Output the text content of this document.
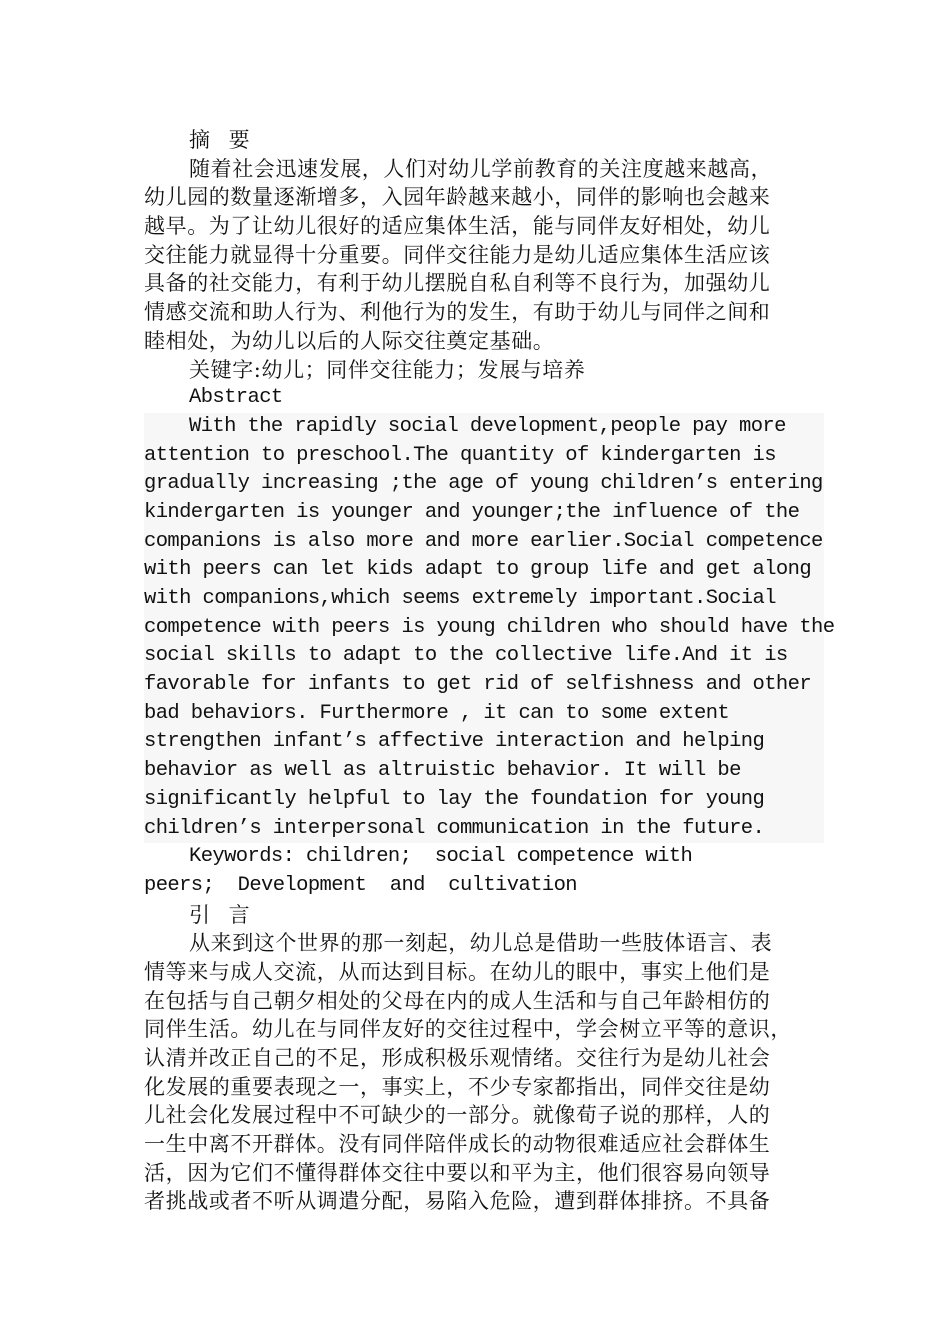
摘 要
随着社会迅速发展，人们对幼儿学前教育的关注度越来越高，
幼儿园的数量逐渐增多，入园年龄越来越小，同伴的影响也会越来
越早。为了让幼儿很好的适应集体生活，能与同伴友好相处，幼儿
交往能力就显得十分重要。同伴交往能力是幼儿适应集体生活应该
具备的社交能力，有利于幼儿摆脱自私自利等不良行为，加强幼儿
情感交流和助人行为、利他行为的发生，有助于幼儿与同伴之间和
睦相处，为幼儿以后的人际交往奠定基础。
关键字:幼儿；同伴交往能力；发展与培养
Abstract
With the rapidly social development,people pay more
attention to preschool.The quantity of kindergarten is
gradually increasing ;the age of young children’s entering
kindergarten is younger and younger;the influence of the
companions is also more and more earlier.Social competence
with peers can let kids adapt to group life and get along
with companions,which seems extremely important.Social
competence with peers is young children who should have the
social skills to adapt to the collective life.And it is
favorable for infants to get rid of selfishness and other
bad behaviors. Furthermore , it can to some extent
strengthen infant’s affective interaction and helping
behavior as well as altruistic behavior. It will be
significantly helpful to lay the foundation for young
children’s interpersonal communication in the future.
Keywords: children;  social competence with
peers;  Development  and  cultivation
引 言
从来到这个世界的那一刻起，幼儿总是借助一些肢体语言、表
情等来与成人交流，从而达到目标。在幼儿的眼中，事实上他们是
在包括与自己朝夕相处的父母在内的成人生活和与自己年龄相仿的
同伴生活。幼儿在与同伴友好的交往过程中，学会树立平等的意识，
认清并改正自己的不足，形成积极乐观情绪。交往行为是幼儿社会
化发展的重要表现之一，事实上，不少专家都指出，同伴交往是幼
儿社会化发展过程中不可缺少的一部分。就像荀子说的那样，人的
一生中离不开群体。没有同伴陪伴成长的动物很难适应社会群体生
活，因为它们不懂得群体交往中要以和平为主，他们很容易向领导
者挑战或者不听从调遣分配，易陷入危险，遭到群体排挤。不具备
